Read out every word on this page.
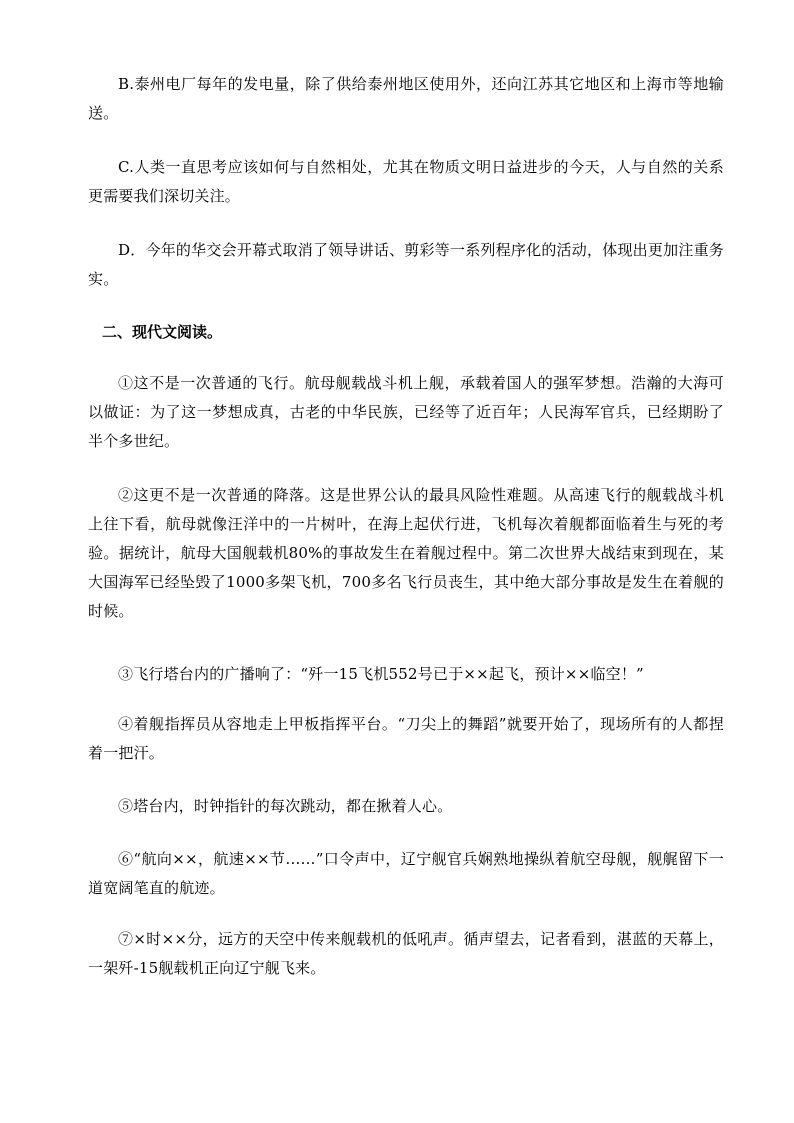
B.泰州电厂每年的发电量，除了供给泰州地区使用外，还向江苏其它地区和上海市等地输送。

C.人类一直思考应该如何与自然相处，尤其在物质文明日益进步的今天，人与自然的关系更需要我们深切关注。

D．今年的华交会开幕式取消了领导讲话、剪彩等一系列程序化的活动，体现出更加注重务实。

二、现代文阅读。

①这不是一次普通的飞行。航母舰载战斗机上舰，承载着国人的强军梦想。浩瀚的大海可以做证：为了这一梦想成真，古老的中华民族，已经等了近百年；人民海军官兵，已经期盼了半个多世纪。

②这更不是一次普通的降落。这是世界公认的最具风险性难题。从高速飞行的舰载战斗机上往下看，航母就像汪洋中的一片树叶，在海上起伏行进，飞机每次着舰都面临着生与死的考验。据统计，航母大国舰载机80%的事故发生在着舰过程中。第二次世界大战结束到现在，某大国海军已经坠毁了1000多架飞机，700多名飞行员丧生，其中绝大部分事故是发生在着舰的时候。

③飞行塔台内的广播响了：“歼一15飞机552号已于××起飞，预计××临空！”

④着舰指挥员从容地走上甲板指挥平台。“刀尖上的舞蹈”就要开始了，现场所有的人都捏着一把汗。

⑤塔台内，时钟指针的每次跳动，都在揪着人心。

⑥“航向××，航速××节……”口令声中，辽宁舰官兵娴熟地操纵着航空母舰，舰艉留下一道宽阔笔直的航迹。

⑦×时××分，远方的天空中传来舰载机的低吼声。循声望去，记者看到，湛蓝的天幕上，一架歼-15舰载机正向辽宁舰飞来。
